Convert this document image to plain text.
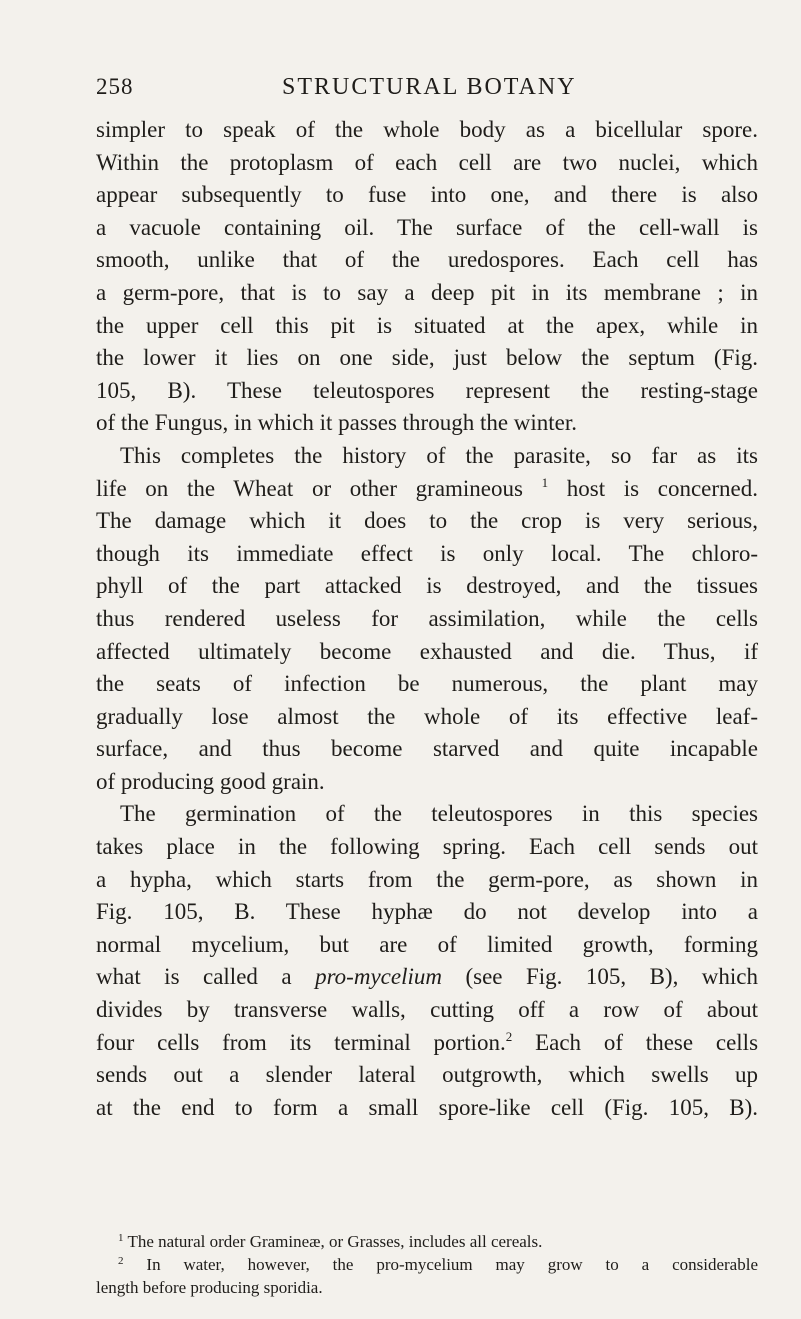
258	STRUCTURAL BOTANY
simpler to speak of the whole body as a bicellular spore.
Within the protoplasm of each cell are two nuclei, which
appear subsequently to fuse into one, and there is also
a vacuole containing oil. The surface of the cell-wall is
smooth, unlike that of the uredospores. Each cell has
a germ-pore, that is to say a deep pit in its membrane ; in
the upper cell this pit is situated at the apex, while in
the lower it lies on one side, just below the septum (Fig.
105, B). These teleutospores represent the resting-stage
of the Fungus, in which it passes through the winter.
This completes the history of the parasite, so far as its
life on the Wheat or other gramineous $^1$ host is concerned.
The damage which it does to the crop is very serious,
though its immediate effect is only local. The chloro-
phyll of the part attacked is destroyed, and the tissues
thus rendered useless for assimilation, while the cells
affected ultimately become exhausted and die. Thus, if
the seats of infection be numerous, the plant may
gradually lose almost the whole of its effective leaf-
surface, and thus become starved and quite incapable
of producing good grain.
The germination of the teleutospores in this species
takes place in the following spring. Each cell sends out
a hypha, which starts from the germ-pore, as shown in
Fig. 105, B. These hyphæ do not develop into a
normal mycelium, but are of limited growth, forming
what is called a pro-mycelium (see Fig. 105, B), which
divides by transverse walls, cutting off a row of about
four cells from its terminal portion.$^2$ Each of these cells
sends out a slender lateral outgrowth, which swells up
at the end to form a small spore-like cell (Fig. 105, B).
$^1$ The natural order Gramineæ, or Grasses, includes all cereals.
$^2$ In water, however, the pro-mycelium may grow to a considerable
length before producing sporidia.
